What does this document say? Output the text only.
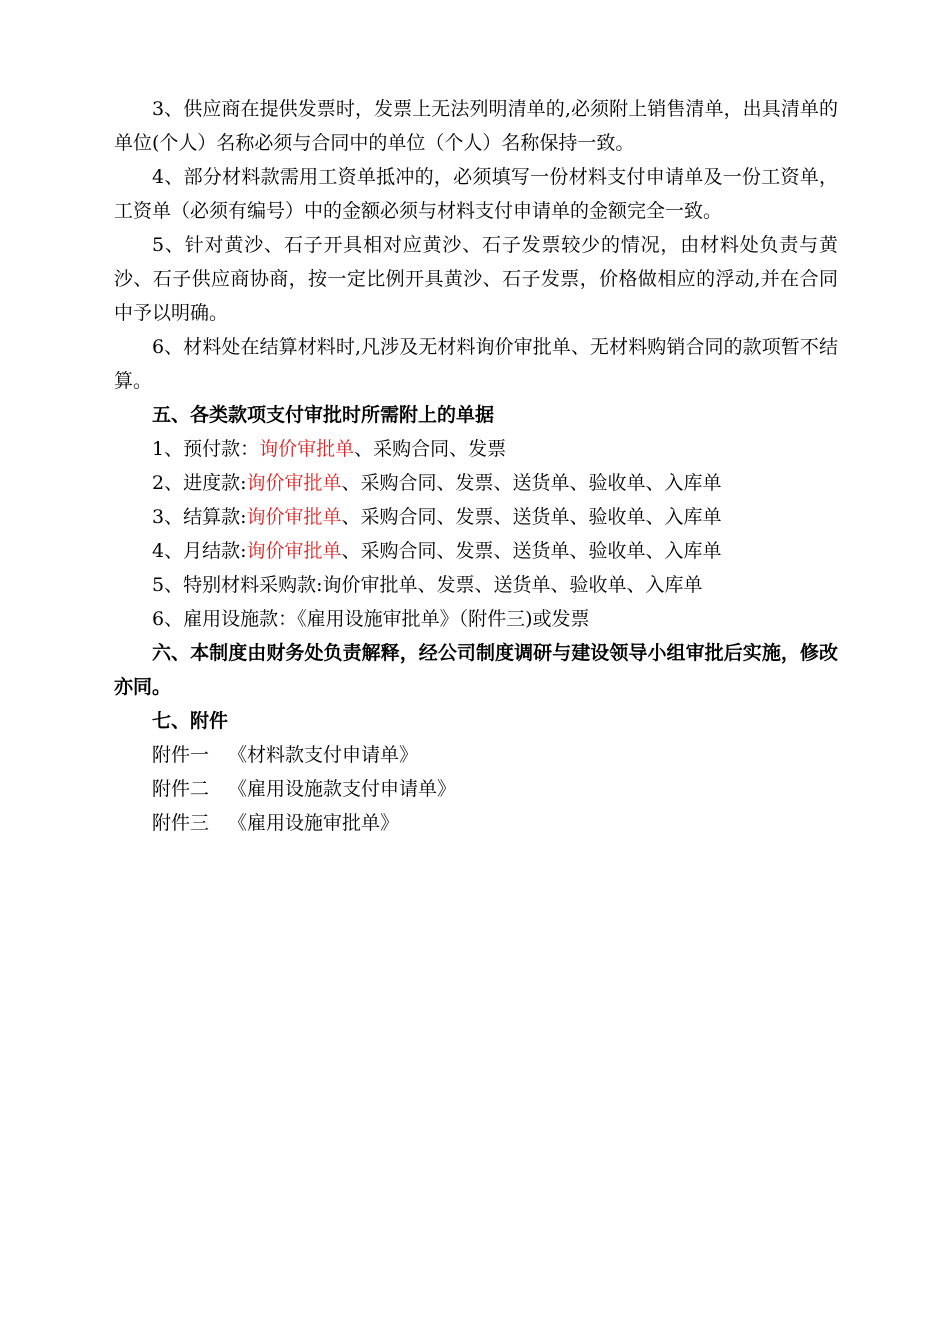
3、供应商在提供发票时，发票上无法列明清单的,必须附上销售清单，出具清单的单位(个人）名称必须与合同中的单位（个人）名称保持一致。

4、部分材料款需用工资单抵冲的，必须填写一份材料支付申请单及一份工资单，工资单（必须有编号）中的金额必须与材料支付申请单的金额完全一致。

5、针对黄沙、石子开具相对应黄沙、石子发票较少的情况，由材料处负责与黄沙、石子供应商协商，按一定比例开具黄沙、石子发票，价格做相应的浮动,并在合同中予以明确。

6、材料处在结算材料时,凡涉及无材料询价审批单、无材料购销合同的款项暂不结算。

五、各类款项支付审批时所需附上的单据

1、预付款：询价审批单、采购合同、发票

2、进度款:询价审批单、采购合同、发票、送货单、验收单、入库单

3、结算款:询价审批单、采购合同、发票、送货单、验收单、入库单

4、月结款:询价审批单、采购合同、发票、送货单、验收单、入库单

5、特别材料采购款:询价审批单、发票、送货单、验收单、入库单

6、雇用设施款：《雇用设施审批单》（附件三)或发票

六、本制度由财务处负责解释，经公司制度调研与建设领导小组审批后实施，修改亦同。

七、附件

附件一 《材料款支付申请单》

附件二 《雇用设施款支付申请单》

附件三 《雇用设施审批单》
